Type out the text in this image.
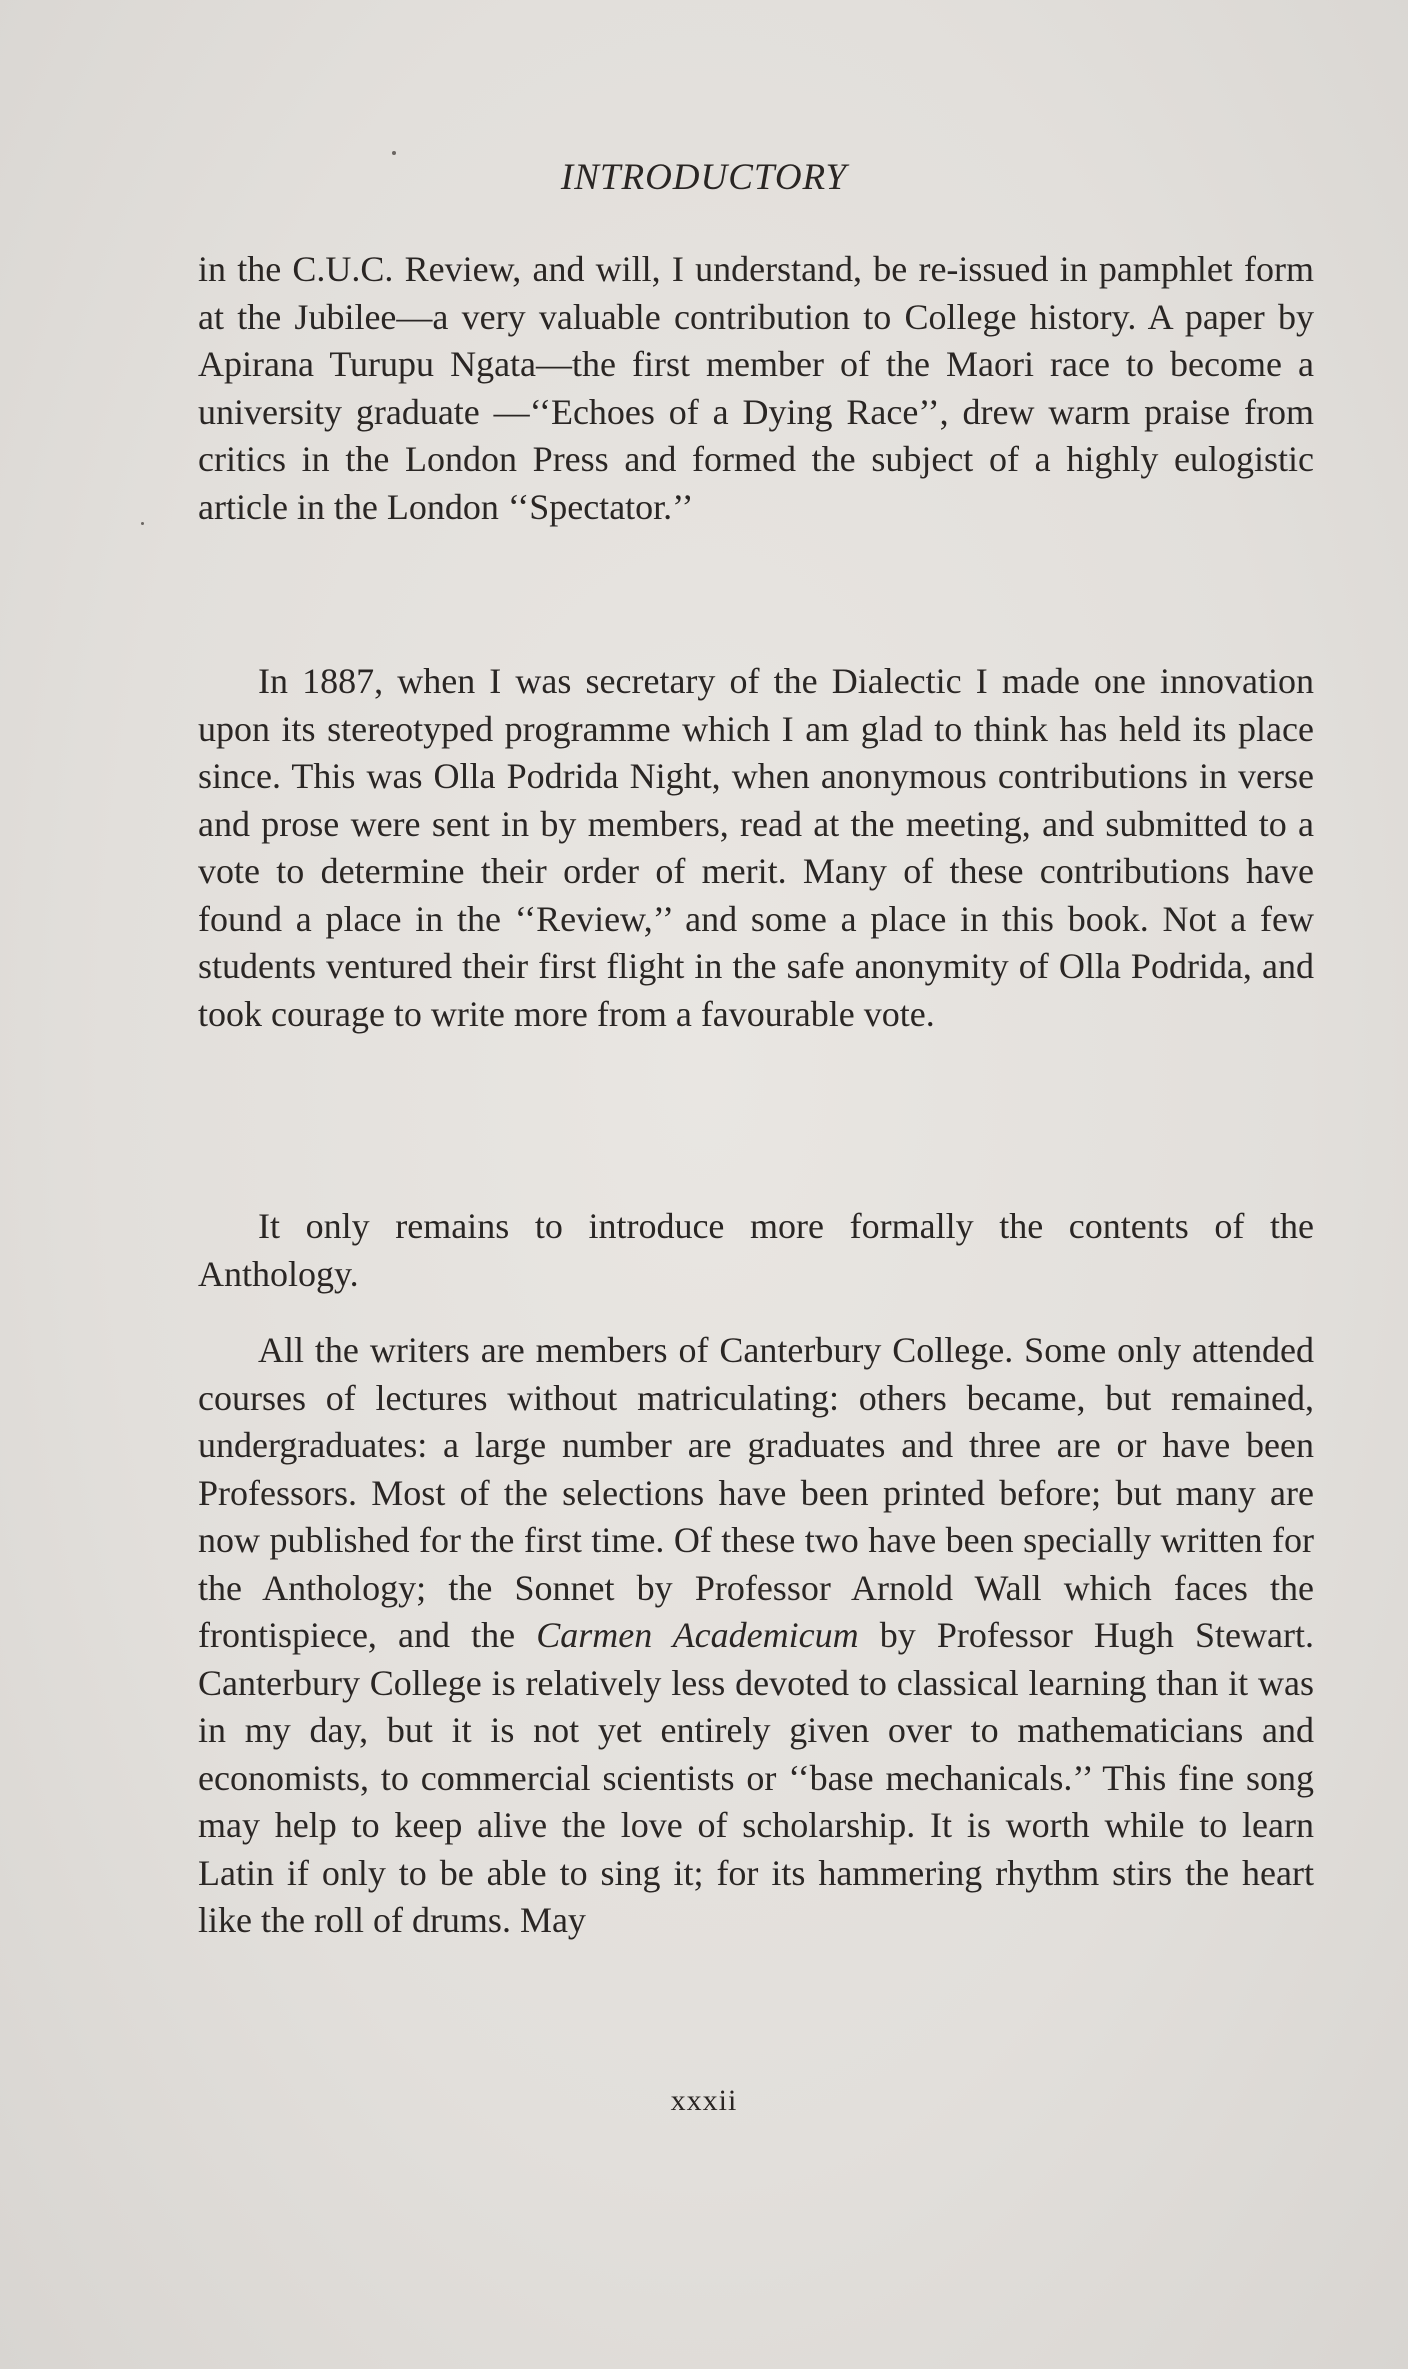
INTRODUCTORY

in the C.U.C. Review, and will, I understand, be re-issued in pamphlet form at the Jubilee—a very valuable contribution to College history. A paper by Apirana Turupu Ngata—the first member of the Maori race to become a university graduate —‘‘Echoes of a Dying Race’’, drew warm praise from critics in the London Press and formed the subject of a highly eulogistic article in the London ‘‘Spectator.’’

In 1887, when I was secretary of the Dialectic I made one innovation upon its stereotyped programme which I am glad to think has held its place since. This was Olla Podrida Night, when anonymous contributions in verse and prose were sent in by members, read at the meeting, and submitted to a vote to determine their order of merit. Many of these contributions have found a place in the ‘‘Review,’’ and some a place in this book. Not a few students ventured their first flight in the safe anonymity of Olla Podrida, and took courage to write more from a favourable vote.

It only remains to introduce more formally the contents of the Anthology.

All the writers are members of Canterbury College. Some only attended courses of lectures without matriculating: others became, but remained, undergraduates: a large number are graduates and three are or have been Professors. Most of the selections have been printed before; but many are now published for the first time. Of these two have been specially written for the Anthology; the Sonnet by Professor Arnold Wall which faces the frontispiece, and the Carmen Academicum by Professor Hugh Stewart. Canterbury College is relatively less devoted to classical learning than it was in my day, but it is not yet entirely given over to mathematicians and economists, to commercial scientists or ‘‘base mechanicals.’’ This fine song may help to keep alive the love of scholarship. It is worth while to learn Latin if only to be able to sing it; for its hammering rhythm stirs the heart like the roll of drums. May

xxxii
